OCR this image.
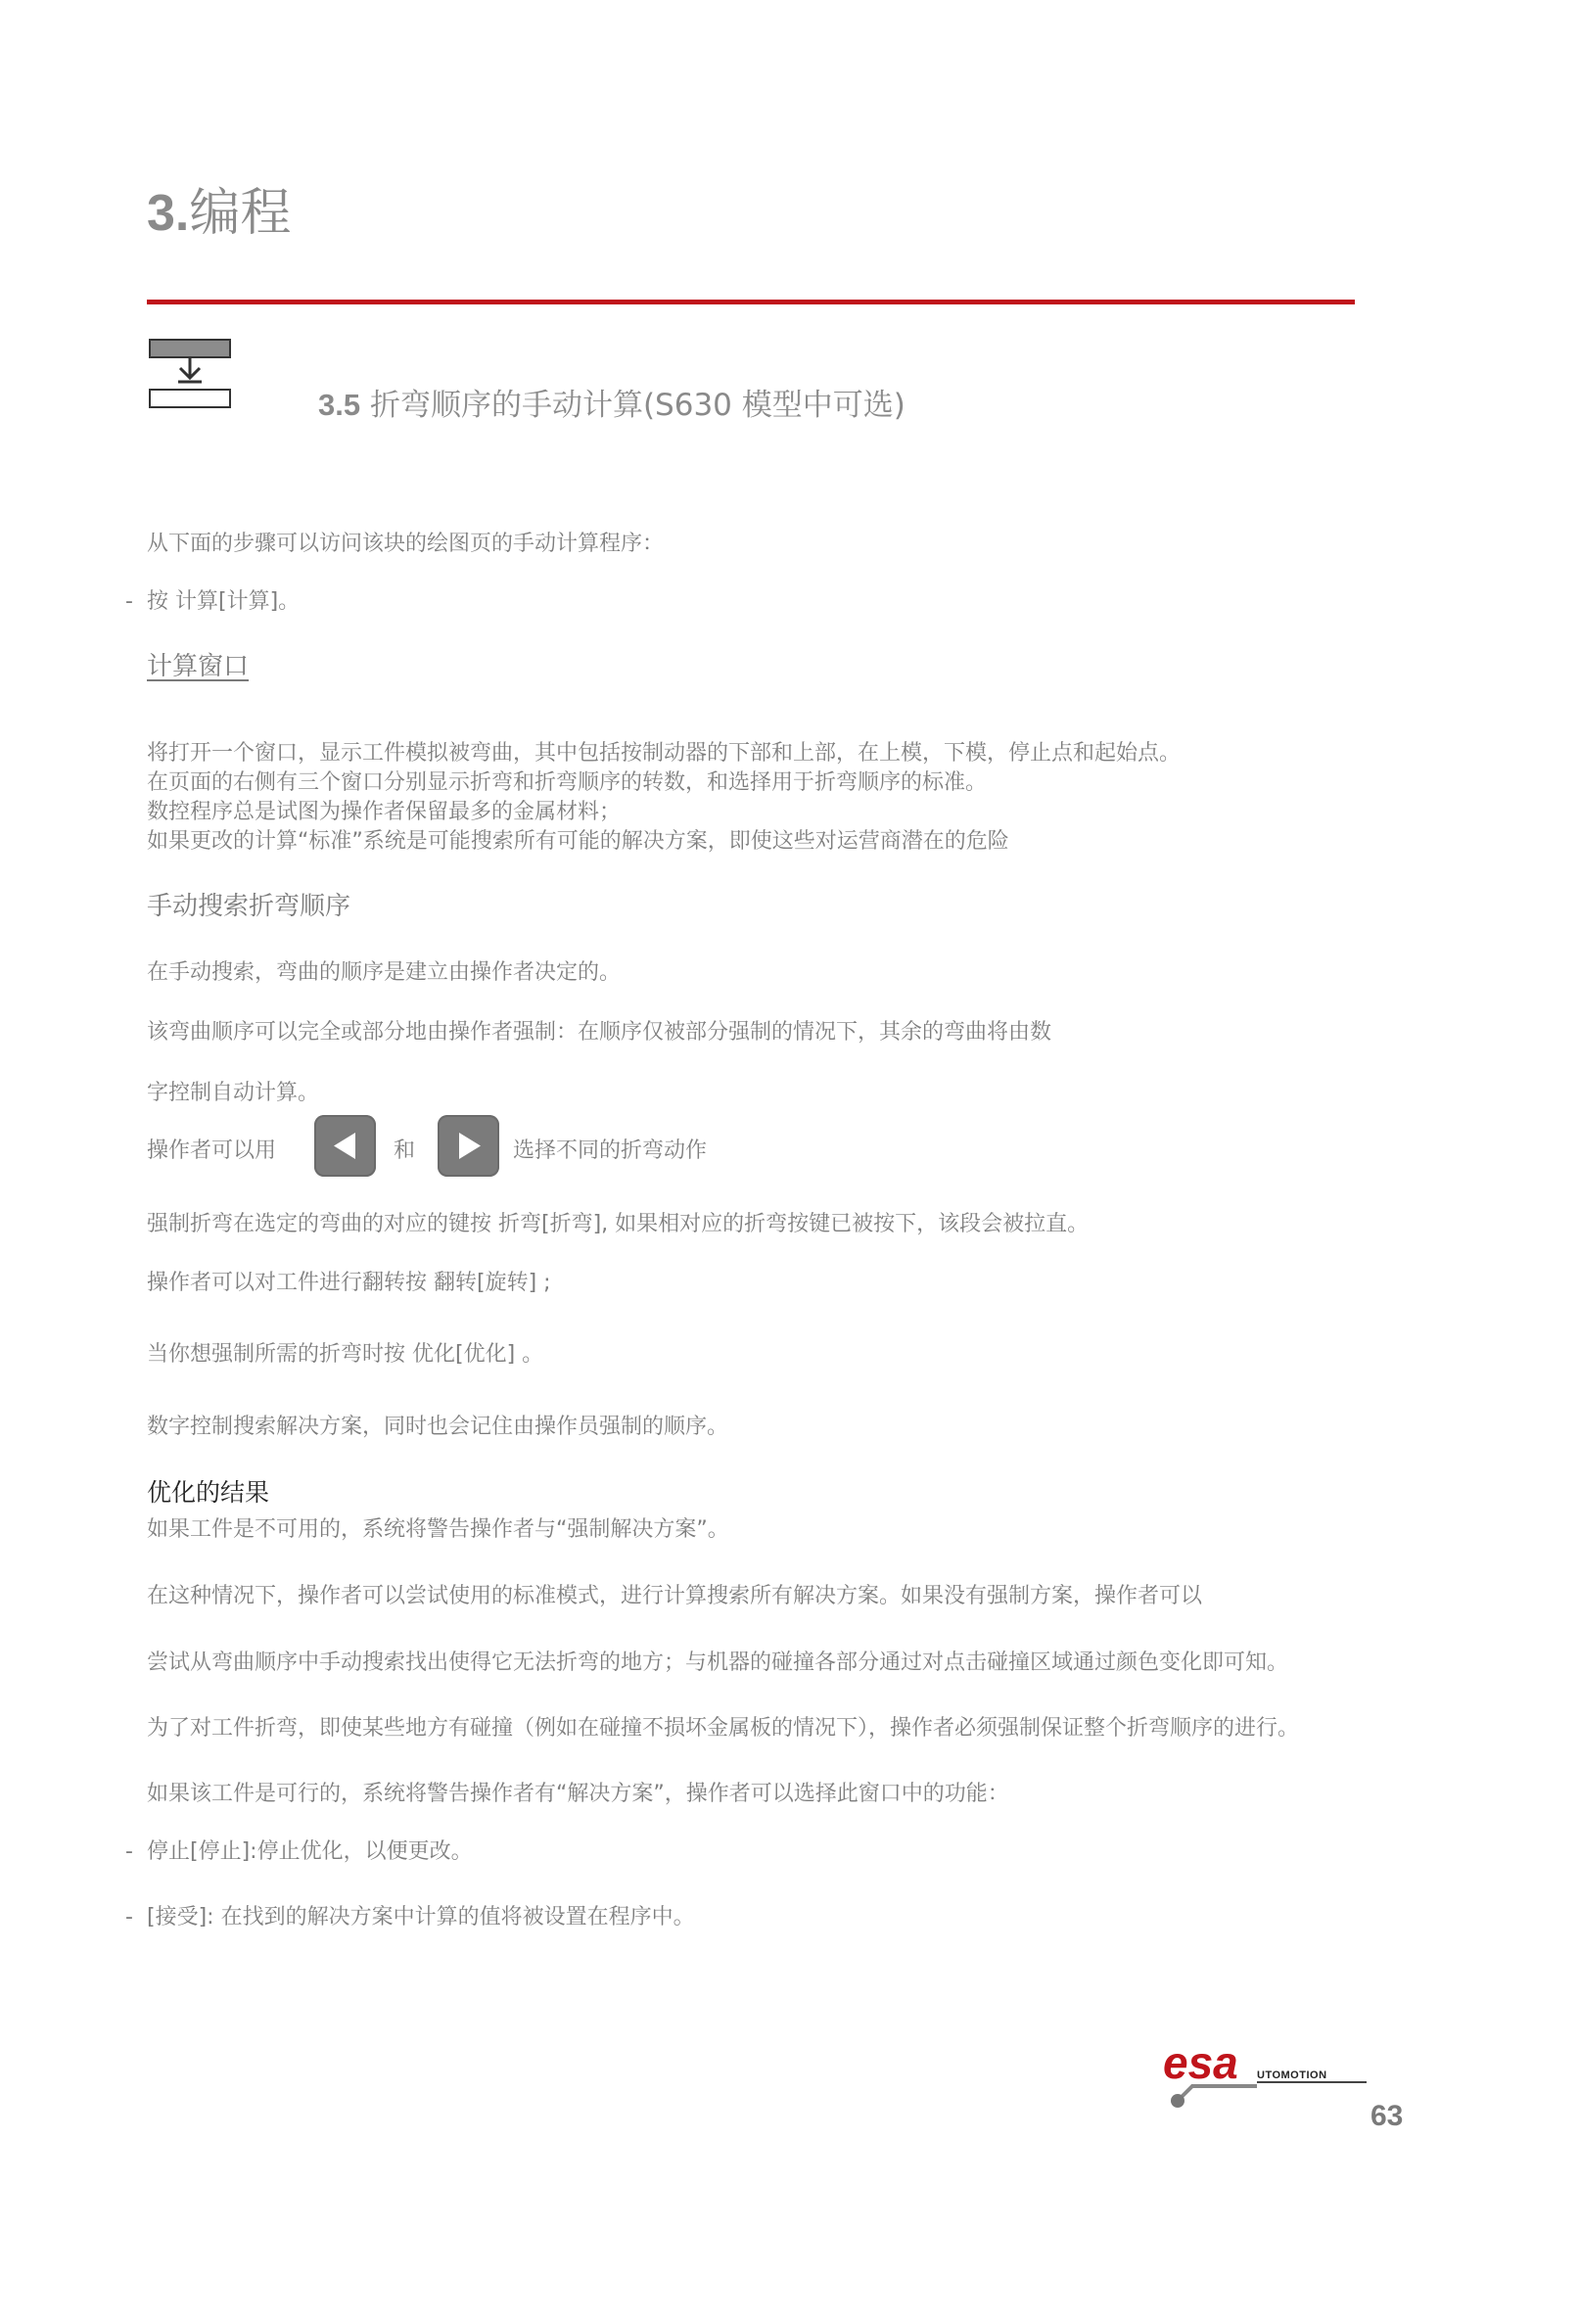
3.编程
3.5 折弯顺序的手动计算(S630 模型中可选)
从下面的步骤可以访问该块的绘图页的手动计算程序：
- 按 计算[计算]。
计算窗口
将打开一个窗口，显示工件模拟被弯曲，其中包括按制动器的下部和上部，在上模，下模，停止点和起始点。
在页面的右侧有三个窗口分别显示折弯和折弯顺序的转数，和选择用于折弯顺序的标准。
数控程序总是试图为操作者保留最多的金属材料；
如果更改的计算“标准”系统是可能搜索所有可能的解决方案，即使这些对运营商潜在的危险
手动搜索折弯顺序
在手动搜索，弯曲的顺序是建立由操作者决定的。
该弯曲顺序可以完全或部分地由操作者强制：在顺序仅被部分强制的情况下，其余的弯曲将由数
字控制自动计算。
操作者可以用	和	选择不同的折弯动作
强制折弯在选定的弯曲的对应的键按 折弯[折弯], 如果相对应的折弯按键已被按下，该段会被拉直。
操作者可以对工件进行翻转按 翻转[旋转] ;
当你想强制所需的折弯时按 优化[优化] 。
数字控制搜索解决方案，同时也会记住由操作员强制的顺序。
优化的结果
如果工件是不可用的，系统将警告操作者与“强制解决方案”。
在这种情况下，操作者可以尝试使用的标准模式，进行计算搜索所有解决方案。如果没有强制方案，操作者可以
尝试从弯曲顺序中手动搜索找出使得它无法折弯的地方；与机器的碰撞各部分通过对点击碰撞区域通过颜色变化即可知。
为了对工件折弯，即使某些地方有碰撞（例如在碰撞不损坏金属板的情况下），操作者必须强制保证整个折弯顺序的进行。
如果该工件是可行的，系统将警告操作者有“解决方案”，操作者可以选择此窗口中的功能：
- 停止[停止]:停止优化，以便更改。
- [接受]: 在找到的解决方案中计算的值将被设置在程序中。
esa UTOMOTION
63
